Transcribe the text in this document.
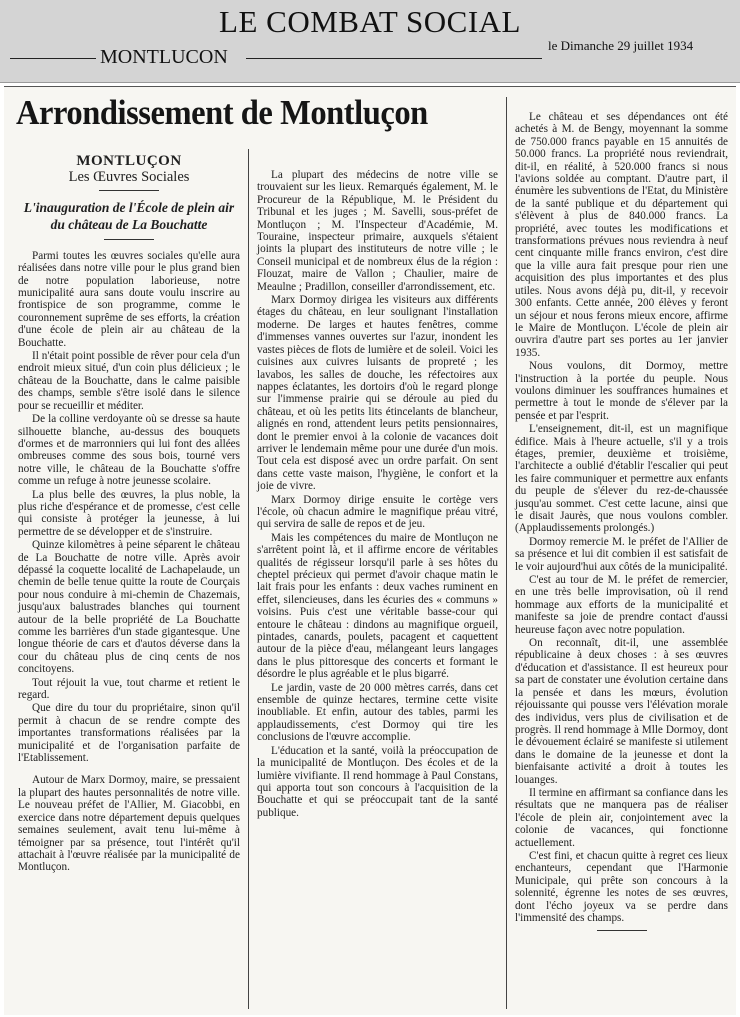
LE COMBAT SOCIAL
MONTLUCON
le Dimanche 29 juillet 1934
Arrondissement de Montluçon
MONTLUÇON
Les Œuvres Sociales
L'inauguration de l'École de plein air du château de La Bouchatte

Parmi toutes les œuvres sociales qu'elle aura réalisées dans notre ville pour le plus grand bien de notre population laborieuse, notre municipalité aura sans doute voulu inscrire au frontispice de son programme, comme le couronnement suprême de ses efforts, la création d'une école de plein air au château de la Bouchatte.

Il n'était point possible de rêver pour cela d'un endroit mieux situé, d'un coin plus délicieux ; le château de la Bouchatte, dans le calme paisible des champs, semble s'être isolé dans le silence pour se recueillir et méditer.

De la colline verdoyante où se dresse sa haute silhouette blanche, au-dessus des bouquets d'ormes et de marronniers qui lui font des allées ombreuses comme des sous bois, tourné vers notre ville, le château de la Bouchatte s'offre comme un refuge à notre jeunesse scolaire.

La plus belle des œuvres, la plus noble, la plus riche d'espérance et de promesse, c'est celle qui consiste à protéger la jeunesse, à lui permettre de se développer et de s'instruire.

Quinze kilomètres à peine séparent le château de La Bouchatte de notre ville. Après avoir dépassé la coquette localité de Lachapelaude, un chemin de belle tenue quitte la route de Courçais pour nous conduire à mi-chemin de Chazemais, jusqu'aux balustrades blanches qui tournent autour de la belle propriété de La Bouchatte comme les barrières d'un stade gigantesque. Une longue théorie de cars et d'autos déverse dans la cour du château plus de cinq cents de nos concitoyens.

Tout réjouit la vue, tout charme et retient le regard.

Que dire du tour du propriétaire, sinon qu'il permit à chacun de se rendre compte des importantes transformations réalisées par la municipalité et de l'organisation parfaite de l'Etablissement.

Autour de Marx Dormoy, maire, se pressaient la plupart des hautes personnalités de notre ville. Le nouveau préfet de l'Allier, M. Giacobbi, en exercice dans notre département depuis quelques semaines seulement, avait tenu lui-même à témoigner par sa présence, tout l'intérêt qu'il attachait à l'œuvre réalisée par la municipalité de Montluçon.

La plupart des médecins de notre ville se trouvaient sur les lieux. Remarqués également, M. le Procureur de la République, M. le Président du Tribunal et les juges ; M. Savelli, sous-préfet de Montluçon ; M. l'Inspecteur d'Académie, M. Touraine, inspecteur primaire, auxquels s'étaient joints la plupart des instituteurs de notre ville ; le Conseil municipal et de nombreux élus de la région : Flouzat, maire de Vallon ; Chaulier, maire de Meaulne ; Pradillon, conseiller d'arrondissement, etc.

Marx Dormoy dirigea les visiteurs aux différents étages du château, en leur soulignant l'installation moderne. De larges et hautes fenêtres, comme d'immenses vannes ouvertes sur l'azur, inondent les vastes pièces de flots de lumière et de soleil. Voici les cuisines aux cuivres luisants de propreté ; les lavabos, les salles de douche, les réfectoires aux nappes éclatantes, les dortoirs d'où le regard plonge sur l'immense prairie qui se déroule au pied du château, et où les petits lits étincelants de blancheur, alignés en rond, attendent leurs petits pensionnaires, dont le premier envoi à la colonie de vacances doit arriver le lendemain même pour une durée d'un mois. Tout cela est disposé avec un ordre parfait. On sent dans cette vaste maison, l'hygiène, le confort et la joie de vivre.

Marx Dormoy dirige ensuite le cortège vers l'école, où chacun admire le magnifique préau vitré, qui servira de salle de repos et de jeu.

Mais les compétences du maire de Montluçon ne s'arrêtent point là, et il affirme encore de véritables qualités de régisseur lorsqu'il parle à ses hôtes du cheptel précieux qui permet d'avoir chaque matin le lait frais pour les enfants : deux vaches ruminent en effet, silencieuses, dans les écuries des « communs » voisins. Puis c'est une véritable basse-cour qui entoure le château : dindons au magnifique orgueil, pintades, canards, poulets, pacagent et caquettent autour de la pièce d'eau, mélangeant leurs langages dans le plus pittoresque des concerts et formant le désordre le plus agréable et le plus bigarré.

Le jardin, vaste de 20 000 mètres carrés, dans cet ensemble de quinze hectares, termine cette visite inoubliable. Et enfin, autour des tables, parmi les applaudissements, c'est Dormoy qui tire les conclusions de l'œuvre accomplie.

L'éducation et la santé, voilà la préoccupation de la municipalité de Montluçon. Des écoles et de la lumière vivifiante. Il rend hommage à Paul Constans, qui apporta tout son concours à l'acquisition de la Bouchatte et qui se préoccupait tant de la santé publique.

Le château et ses dépendances ont été achetés à M. de Bengy, moyennant la somme de 750.000 francs payable en 15 annuités de 50.000 francs. La propriété nous reviendrait, dit-il, en réalité, à 520.000 francs si nous l'avions soldée au comptant. D'autre part, il énumère les subventions de l'Etat, du Ministère de la santé publique et du département qui s'élèvent à plus de 840.000 francs. La propriété, avec toutes les modifications et transformations prévues nous reviendra à neuf cent cinquante mille francs environ, c'est dire que la ville aura fait presque pour rien une acquisition des plus importantes et des plus utiles. Nous avons déjà pu, dit-il, y recevoir 300 enfants. Cette année, 200 élèves y feront un séjour et nous ferons mieux encore, affirme le Maire de Montluçon. L'école de plein air ouvrira d'autre part ses portes au 1er janvier 1935.

Nous voulons, dit Dormoy, mettre l'instruction à la portée du peuple. Nous voulons diminuer les souffrances humaines et permettre à tout le monde de s'élever par la pensée et par l'esprit.

L'enseignement, dit-il, est un magnifique édifice. Mais à l'heure actuelle, s'il y a trois étages, premier, deuxième et troisième, l'architecte a oublié d'établir l'escalier qui peut les faire communiquer et permettre aux enfants du peuple de s'élever du rez-de-chaussée jusqu'au sommet. C'est cette lacune, ainsi que le disait Jaurès, que nous voulons combler. (Applaudissements prolongés.)

Dormoy remercie M. le préfet de l'Allier de sa présence et lui dit combien il est satisfait de le voir aujourd'hui aux côtés de la municipalité.

C'est au tour de M. le préfet de remercier, en une très belle improvisation, où il rend hommage aux efforts de la municipalité et manifeste sa joie de prendre contact d'aussi heureuse façon avec notre population.

On reconnaît, dit-il, une assemblée républicaine à deux choses : à ses œuvres d'éducation et d'assistance. Il est heureux pour sa part de constater une évolution certaine dans la pensée et dans les mœurs, évolution réjouissante qui pousse vers l'élévation morale des individus, vers plus de civilisation et de progrès. Il rend hommage à Mlle Dormoy, dont le dévouement éclairé se manifeste si utilement dans le domaine de la jeunesse et dont la bienfaisante activité a droit à toutes les louanges.

Il termine en affirmant sa confiance dans les résultats que ne manquera pas de réaliser l'école de plein air, conjointement avec la colonie de vacances, qui fonctionne actuellement.

C'est fini, et chacun quitte à regret ces lieux enchanteurs, cependant que l'Harmonie Municipale, qui prête son concours à la solennité, égrenne les notes de ses œuvres, dont l'écho joyeux va se perdre dans l'immensité des champs.
